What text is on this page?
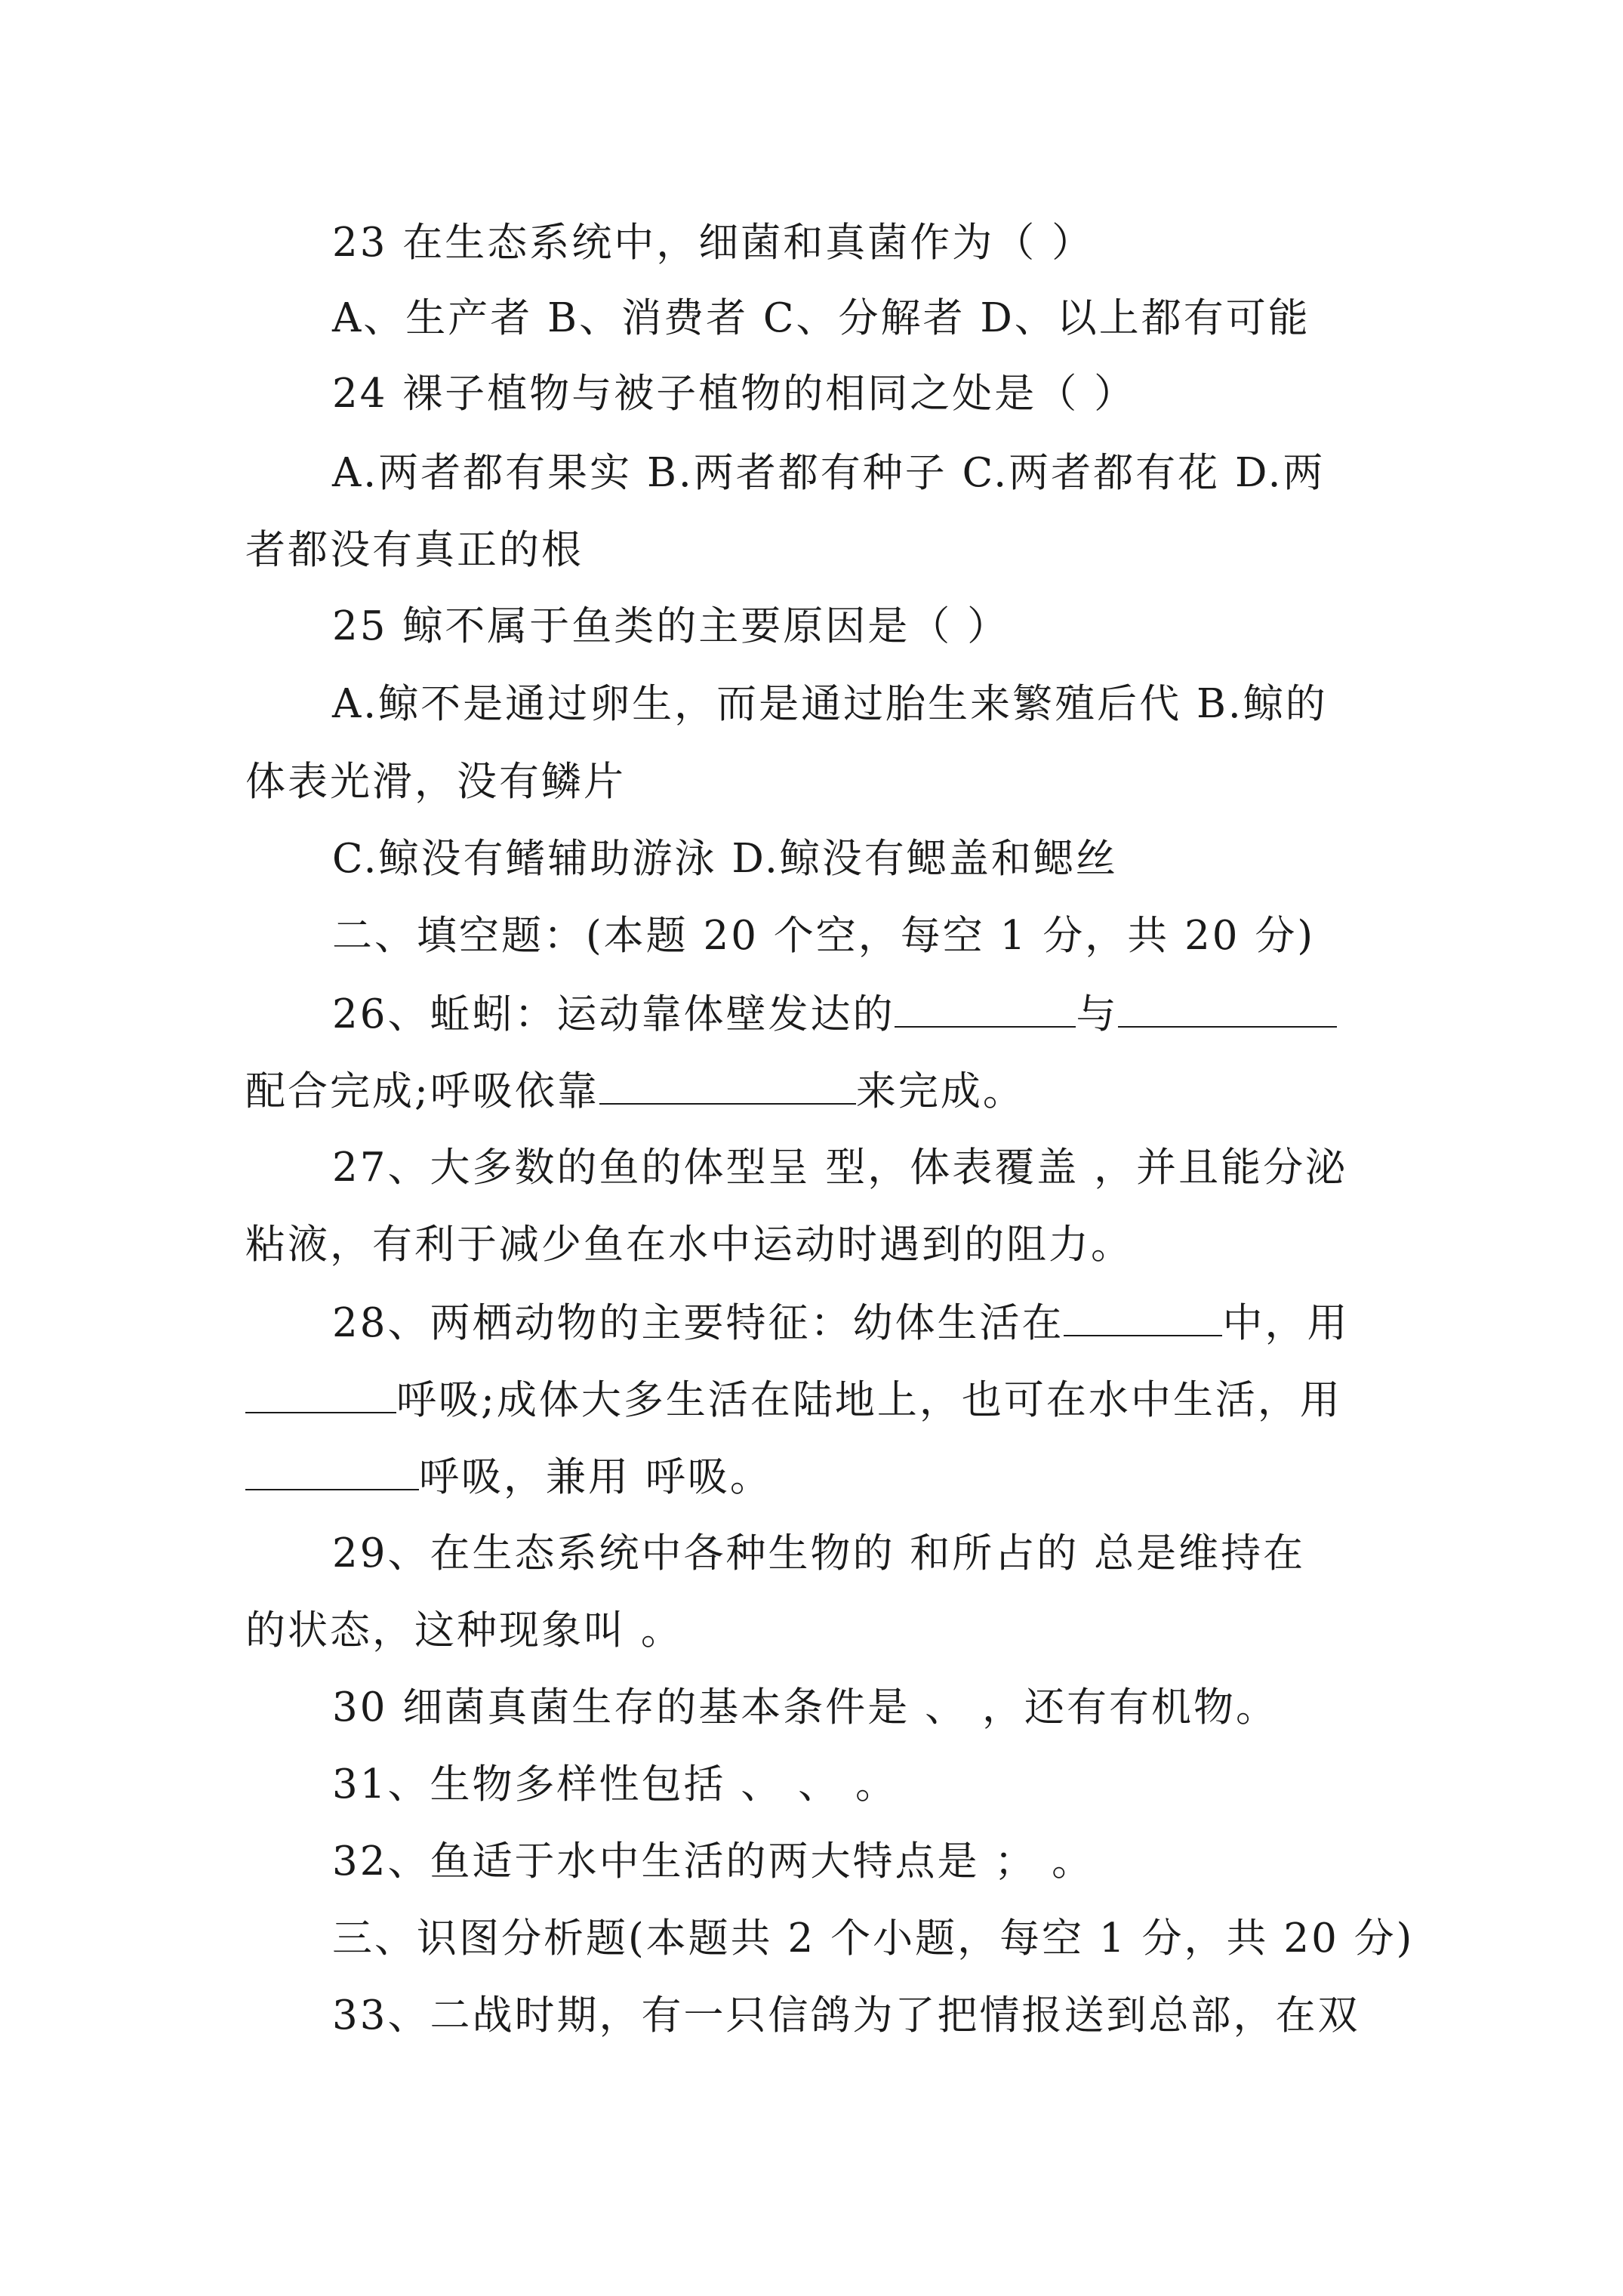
23 在生态系统中，细菌和真菌作为（ ）
A、生产者 B、消费者 C、分解者 D、以上都有可能
24 裸子植物与被子植物的相同之处是（ ）
A.两者都有果实 B.两者都有种子 C.两者都有花 D.两
者都没有真正的根
25 鲸不属于鱼类的主要原因是（ ）
A.鲸不是通过卵生，而是通过胎生来繁殖后代 B.鲸的
体表光滑，没有鳞片
C.鲸没有鳍辅助游泳 D.鲸没有鳃盖和鳃丝
二、填空题：(本题 20 个空，每空 1 分，共 20 分)
26、蚯蚓：运动靠体壁发达的	与
配合完成;呼吸依靠	来完成。
27、大多数的鱼的体型呈 型，体表覆盖 ，并且能分泌
粘液，有利于减少鱼在水中运动时遇到的阻力。
28、两栖动物的主要特征：幼体生活在	中，用
呼吸;成体大多生活在陆地上，也可在水中生活，用
呼吸，兼用 呼吸。
29、在生态系统中各种生物的 和所占的 总是维持在
的状态，这种现象叫 。
30 细菌真菌生存的基本条件是 、 ，还有有机物。
31、生物多样性包括 、 、 。
32、鱼适于水中生活的两大特点是 ； 。
三、识图分析题(本题共 2 个小题，每空 1 分，共 20 分)
33、二战时期，有一只信鸽为了把情报送到总部，在双
